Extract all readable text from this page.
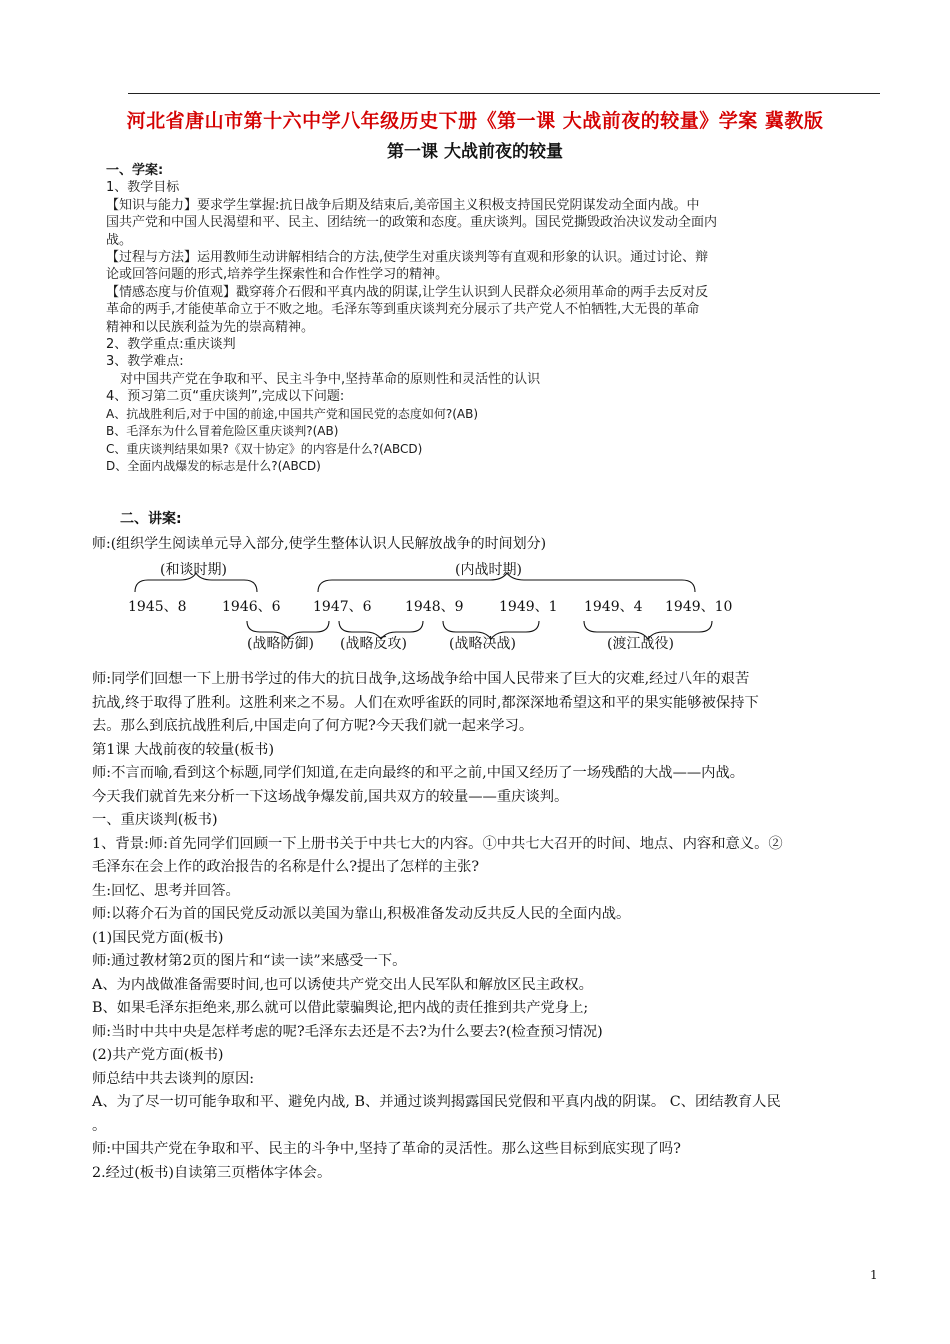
河北省唐山市第十六中学八年级历史下册《第一课 大战前夜的较量》学案 冀教版
第一课 大战前夜的较量

一、学案:

1、教学目标

【知识与能力】要求学生掌握:抗日战争后期及结束后,美帝国主义积极支持国民党阴谋发动全面内战。中

国共产党和中国人民渴望和平、民主、团结统一的政策和态度。重庆谈判。国民党撕毁政治决议发动全面内

战。

【过程与方法】运用教师生动讲解相结合的方法,使学生对重庆谈判等有直观和形象的认识。通过讨论、辩

论或回答问题的形式,培养学生探索性和合作性学习的精神。

【情感态度与价值观】戳穿蒋介石假和平真内战的阴谋,让学生认识到人民群众必须用革命的两手去反对反

革命的两手,才能使革命立于不败之地。毛泽东等到重庆谈判充分展示了共产党人不怕牺牲,大无畏的革命

精神和以民族利益为先的崇高精神。

2、教学重点:重庆谈判

3、教学难点:

对中国共产党在争取和平、民主斗争中,坚持革命的原则性和灵活性的认识

4、预习第二页“重庆谈判”,完成以下问题:

A、抗战胜利后,对于中国的前途,中国共产党和国民党的态度如何?(AB)

B、毛泽东为什么冒着危险区重庆谈判?(AB)

C、重庆谈判结果如果?《双十协定》的内容是什么?(ABCD)

D、全面内战爆发的标志是什么?(ABCD)

二、讲案:
师:(组织学生阅读单元导入部分,使学生整体认识人民解放战争的时间划分)
(和谈时期)	(内战时期)
1945、8	1946、6 1947、6 1948、9	1949、1 1949、4 1949、10
(战略防御) (战略反攻)	(战略决战)	(渡江战役)

师:同学们回想一下上册书学过的伟大的抗日战争,这场战争给中国人民带来了巨大的灾难,经过八年的艰苦

抗战,终于取得了胜利。这胜利来之不易。人们在欢呼雀跃的同时,都深深地希望这和平的果实能够被保持下

去。那么到底抗战胜利后,中国走向了何方呢?今天我们就一起来学习。

第1课 大战前夜的较量(板书)

师:不言而喻,看到这个标题,同学们知道,在走向最终的和平之前,中国又经历了一场残酷的大战——内战。

今天我们就首先来分析一下这场战争爆发前,国共双方的较量——重庆谈判。

一、重庆谈判(板书)

1、背景:师:首先同学们回顾一下上册书关于中共七大的内容。①中共七大召开的时间、地点、内容和意义。②

毛泽东在会上作的政治报告的名称是什么?提出了怎样的主张?

生:回忆、思考并回答。

师:以蒋介石为首的国民党反动派以美国为靠山,积极准备发动反共反人民的全面内战。

(1)国民党方面(板书)

师:通过教材第2页的图片和“读一读”来感受一下。

A、为内战做准备需要时间,也可以诱使共产党交出人民军队和解放区民主政权。

B、如果毛泽东拒绝来,那么就可以借此蒙骗舆论,把内战的责任推到共产党身上;

师:当时中共中央是怎样考虑的呢?毛泽东去还是不去?为什么要去?(检查预习情况)

(2)共产党方面(板书)

师总结中共去谈判的原因:

A、为了尽一切可能争取和平、避免内战, B、并通过谈判揭露国民党假和平真内战的阴谋。 C、团结教育人民

。

师:中国共产党在争取和平、民主的斗争中,坚持了革命的灵活性。那么这些目标到底实现了吗?

2.经过(板书)自读第三页楷体字体会。

1
